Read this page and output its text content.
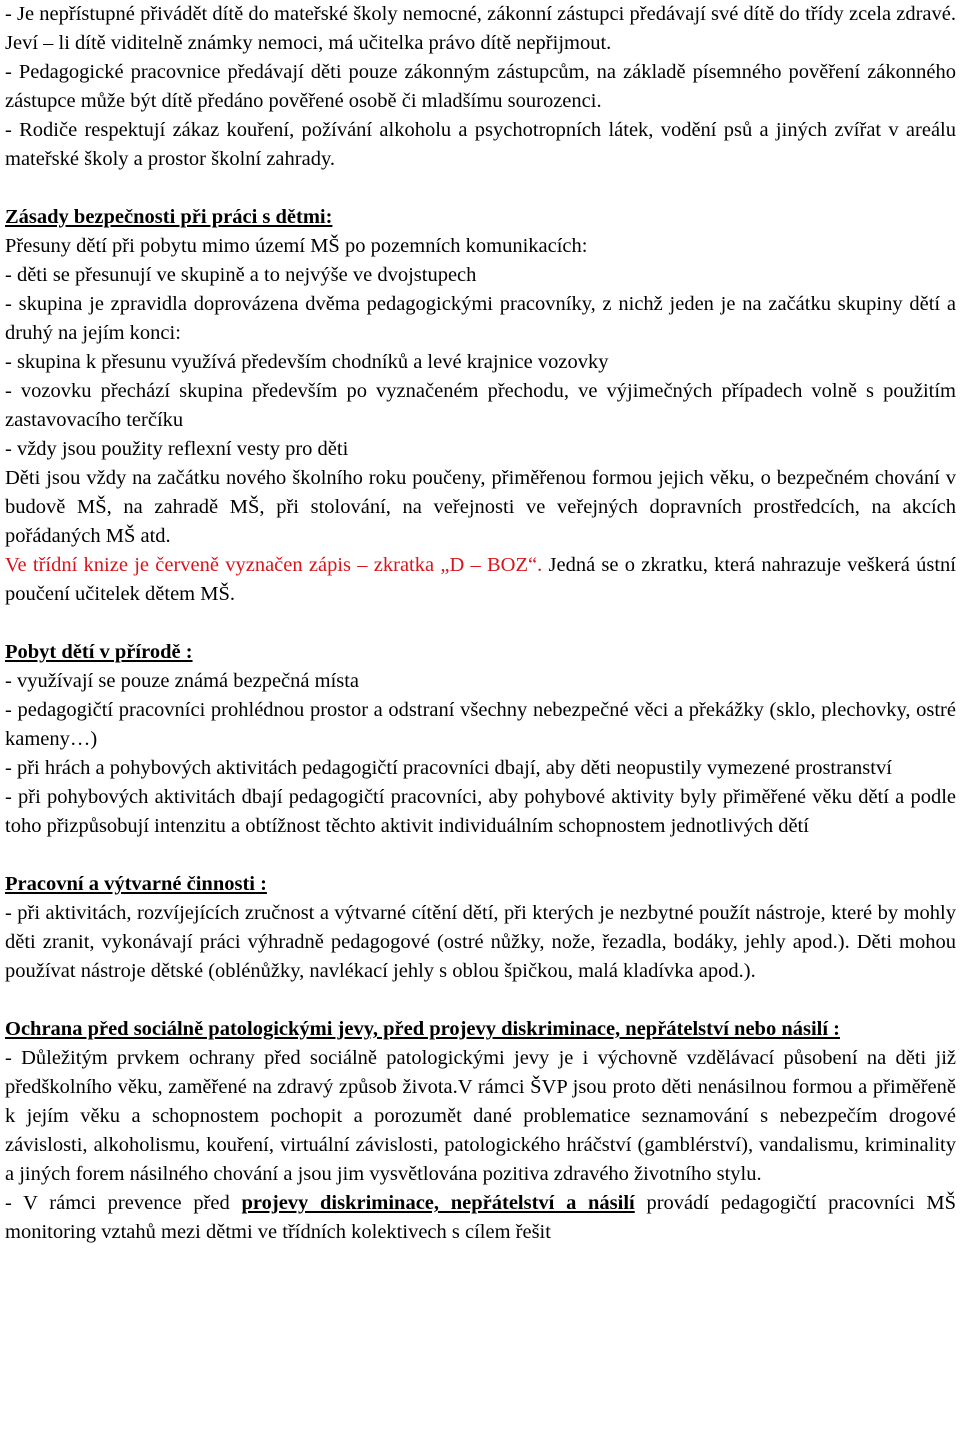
- Je nepřístupné přivádět dítě do mateřské školy nemocné, zákonní zástupci předávají své dítě do třídy zcela zdravé. Jeví – li dítě viditelně známky nemoci, má učitelka právo dítě nepřijmout.

- Pedagogické pracovnice předávají děti pouze zákonným zástupcům, na základě písemného pověření zákonného zástupce může být dítě předáno pověřené osobě či mladšímu sourozenci.

- Rodiče respektují zákaz kouření, požívání alkoholu a psychotropních látek, vodění psů a jiných zvířat v areálu mateřské školy a prostor školní zahrady.

Zásady bezpečnosti při práci s dětmi:

Přesuny dětí při pobytu mimo území MŠ po pozemních komunikacích:

- děti se přesunují ve skupině a to nejvýše ve dvojstupech

- skupina je zpravidla doprovázena dvěma pedagogickými pracovníky, z nichž jeden je na začátku skupiny dětí a druhý na jejím konci:

- skupina k přesunu využívá především chodníků a levé krajnice vozovky

- vozovku přechází skupina především po vyznačeném přechodu, ve výjimečných případech volně s použitím zastavovacího terčíku

- vždy jsou použity reflexní vesty pro děti

Děti jsou vždy na začátku nového školního roku poučeny, přiměřenou formou jejich věku, o bezpečném chování v budově MŠ, na zahradě MŠ, při stolování, na veřejnosti ve veřejných dopravních prostředcích, na akcích pořádaných MŠ atd.

Ve třídní knize je červeně vyznačen zápis – zkratka „D – BOZ“. Jedná se o zkratku, která nahrazuje veškerá ústní poučení učitelek dětem MŠ.

Pobyt dětí v přírodě :

- využívají se pouze známá bezpečná místa

- pedagogičtí pracovníci prohlédnou prostor a odstraní všechny nebezpečné věci a překážky (sklo, plechovky, ostré kameny…)

- při hrách a pohybových aktivitách pedagogičtí pracovníci dbají, aby děti neopustily vymezené prostranství

- při pohybových aktivitách dbají pedagogičtí pracovníci, aby pohybové aktivity byly přiměřené věku dětí a podle toho přizpůsobují intenzitu a obtížnost těchto aktivit individuálním schopnostem jednotlivých dětí

Pracovní a výtvarné činnosti :

- při aktivitách, rozvíjejících zručnost a výtvarné cítění dětí, při kterých je nezbytné použít nástroje, které by mohly děti zranit, vykonávají práci výhradně pedagogové (ostré nůžky, nože, řezadla, bodáky, jehly apod.). Děti mohou používat nástroje dětské (oblénůžky, navlékací jehly s oblou špičkou, malá kladívka apod.).

Ochrana před sociálně patologickými jevy, před projevy diskriminace, nepřátelství nebo násilí :

- Důležitým prvkem ochrany před sociálně patologickými jevy je i výchovně vzdělávací působení na děti již předškolního věku, zaměřené na zdravý způsob života.V rámci ŠVP jsou proto děti nenásilnou formou a přiměřeně k jejím věku a schopnostem pochopit a porozumět dané problematice seznamování s nebezpečím drogové závislosti, alkoholismu, kouření, virtuální závislosti, patologického hráčství (gamblérství), vandalismu, kriminality a jiných forem násilného chování a jsou jim vysvětlována pozitiva zdravého životního stylu.

- V rámci prevence před projevy diskriminace, nepřátelství a násilí provádí pedagogičtí pracovníci MŠ monitoring vztahů mezi dětmi ve třídních kolektivech s cílem řešit
